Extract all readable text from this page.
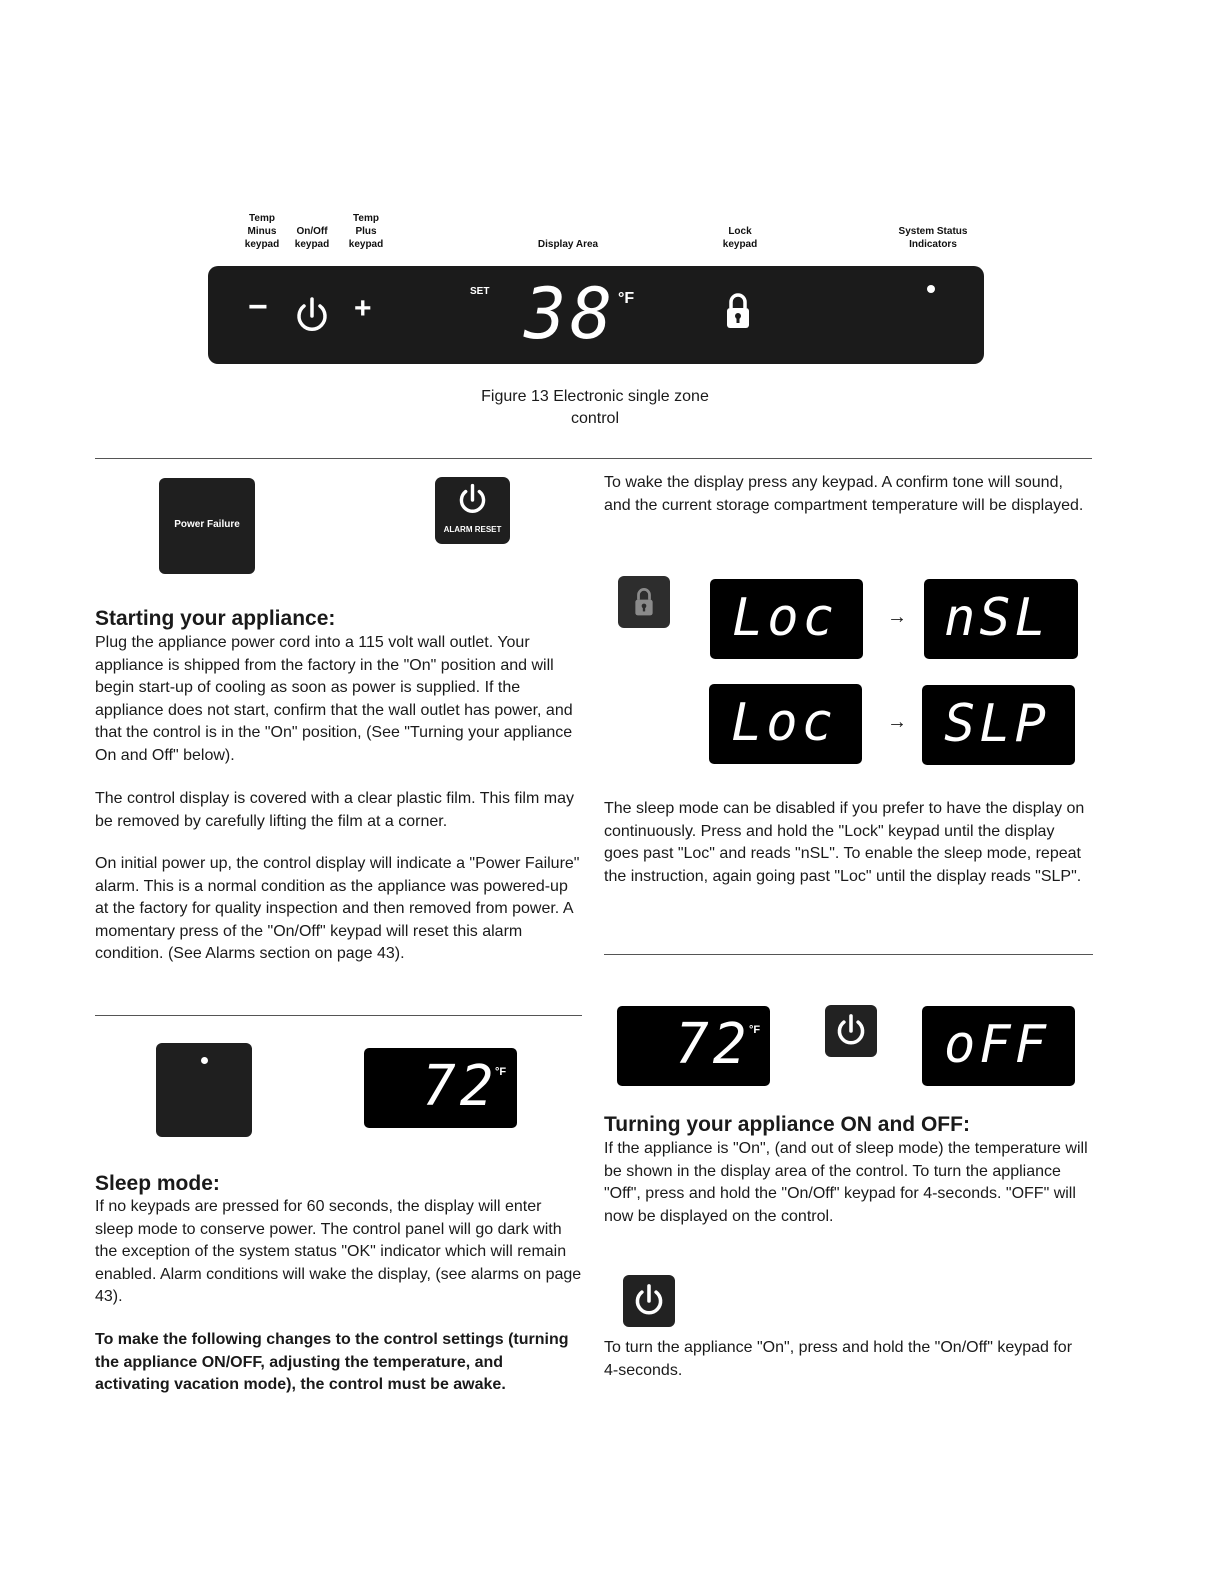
Temp
Minus
keypad
On/Off
keypad
Temp
Plus
keypad	Display Area
Lock
keypad
System Status
Indicators
−	+
SET 38 °F
Figure 13 Electronic single zone
control
Power Failure	ALARM RESET
Starting your appliance:

Plug the appliance power cord into a 115 volt wall outlet. Your appliance is shipped from the factory in the "On" position and will begin start-up of cooling as soon as power is supplied. If the appliance does not start, confirm that the wall outlet has power, and that the control is in the "On" position, (See "Turning your appliance On and Off" below).

The control display is covered with a clear plastic film. This film may be removed by carefully lifting the film at a corner.

On initial power up, the control display will indicate a "Power Failure" alarm. This is a normal condition as the appliance was powered-up at the factory for quality inspection and then removed from power. A momentary press of the "On/Off" keypad will reset this alarm condition. (See Alarms section on page 43).

72
°F
Sleep mode:

If no keypads are pressed for 60 seconds, the display will enter sleep mode to conserve power. The control panel will go dark with the exception of the system status "OK" indicator which will remain enabled. Alarm conditions will wake the display, (see alarms on page 43).

To make the following changes to the control settings (turning the appliance ON/OFF, adjusting the temperature, and activating vacation mode), the control must be awake.

To wake the display press any keypad. A confirm tone will sound, and the current storage compartment temperature will be displayed.

Loc → nSL
Loc	→ SLP

The sleep mode can be disabled if you prefer to have the display on continuously. Press and hold the "Lock" keypad until the display goes past "Loc" and reads "nSL". To enable the sleep mode, repeat the instruction, again going past "Loc" until the display reads "SLP".

72
°F	oFF
Turning your appliance ON and OFF:

If the appliance is "On", (and out of sleep mode) the temperature will be shown in the display area of the control. To turn the appliance "Off", press and hold the "On/Off" keypad for 4-seconds. "OFF" will now be displayed on the control.

To turn the appliance "On", press and hold the "On/Off" keypad for 4-seconds.
